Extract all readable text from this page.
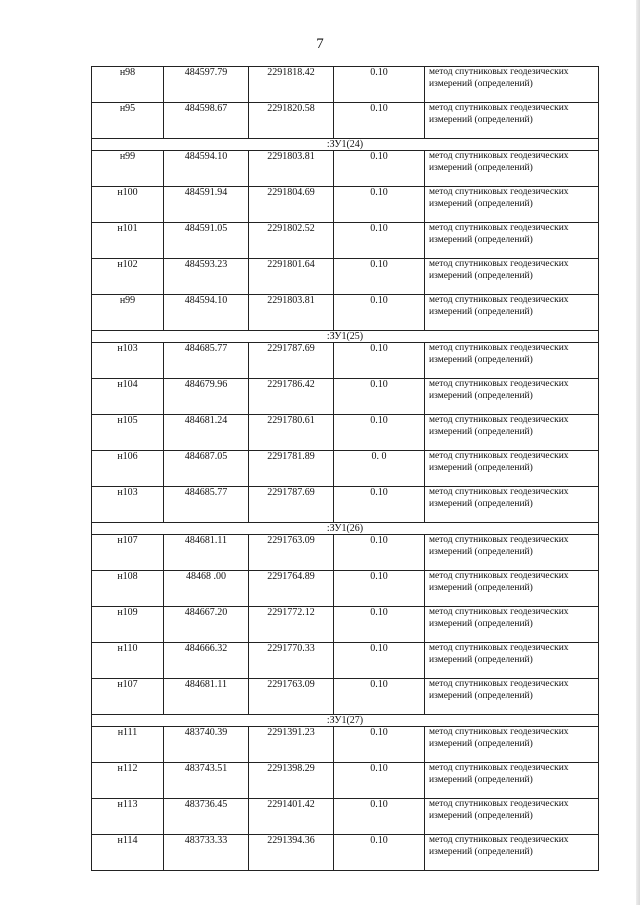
7
н98	484597.79	2291818.42	0.10	метод спутниковых геодезических измерений (определений)
н95	484598.67	2291820.58	0.10	метод спутниковых геодезических измерений (определений)
:ЗУ1(24)				
н99	484594.10	2291803.81	0.10	метод спутниковых геодезических измерений (определений)
н100	484591.94	2291804.69	0.10	метод спутниковых геодезических измерений (определений)
н101	484591.05	2291802.52	0.10	метод спутниковых геодезических измерений (определений)
н102	484593.23	2291801.64	0.10	метод спутниковых геодезических измерений (определений)
н99	484594.10	2291803.81	0.10	метод спутниковых геодезических измерений (определений)
:ЗУ1(25)				
н103	484685.77	2291787.69	0.10	метод спутниковых геодезических измерений (определений)
н104	484679.96	2291786.42	0.10	метод спутниковых геодезических измерений (определений)
н105	484681.24	2291780.61	0.10	метод спутниковых геодезических измерений (определений)
н106	484687.05	2291781.89	0. 0	метод спутниковых геодезических измерений (определений)
н103	484685.77	2291787.69	0.10	метод спутниковых геодезических измерений (определений)
:ЗУ1(26)				
н107	484681.11	2291763.09	0.10	метод спутниковых геодезических измерений (определений)
н108	48468 .00	2291764.89	0.10	метод спутниковых геодезических измерений (определений)
н109	484667.20	2291772.12	0.10	метод спутниковых геодезических измерений (определений)
н110	484666.32	2291770.33	0.10	метод спутниковых геодезических измерений (определений)
н107	484681.11	2291763.09	0.10	метод спутниковых геодезических измерений (определений)
:ЗУ1(27)				
н111	483740.39	2291391.23	0.10	метод спутниковых геодезических измерений (определений)
н112	483743.51	2291398.29	0.10	метод спутниковых геодезических измерений (определений)
н113	483736.45	2291401.42	0.10	метод спутниковых геодезических измерений (определений)
н114	483733.33	2291394.36	0.10	метод спутниковых геодезических измерений (определений)
